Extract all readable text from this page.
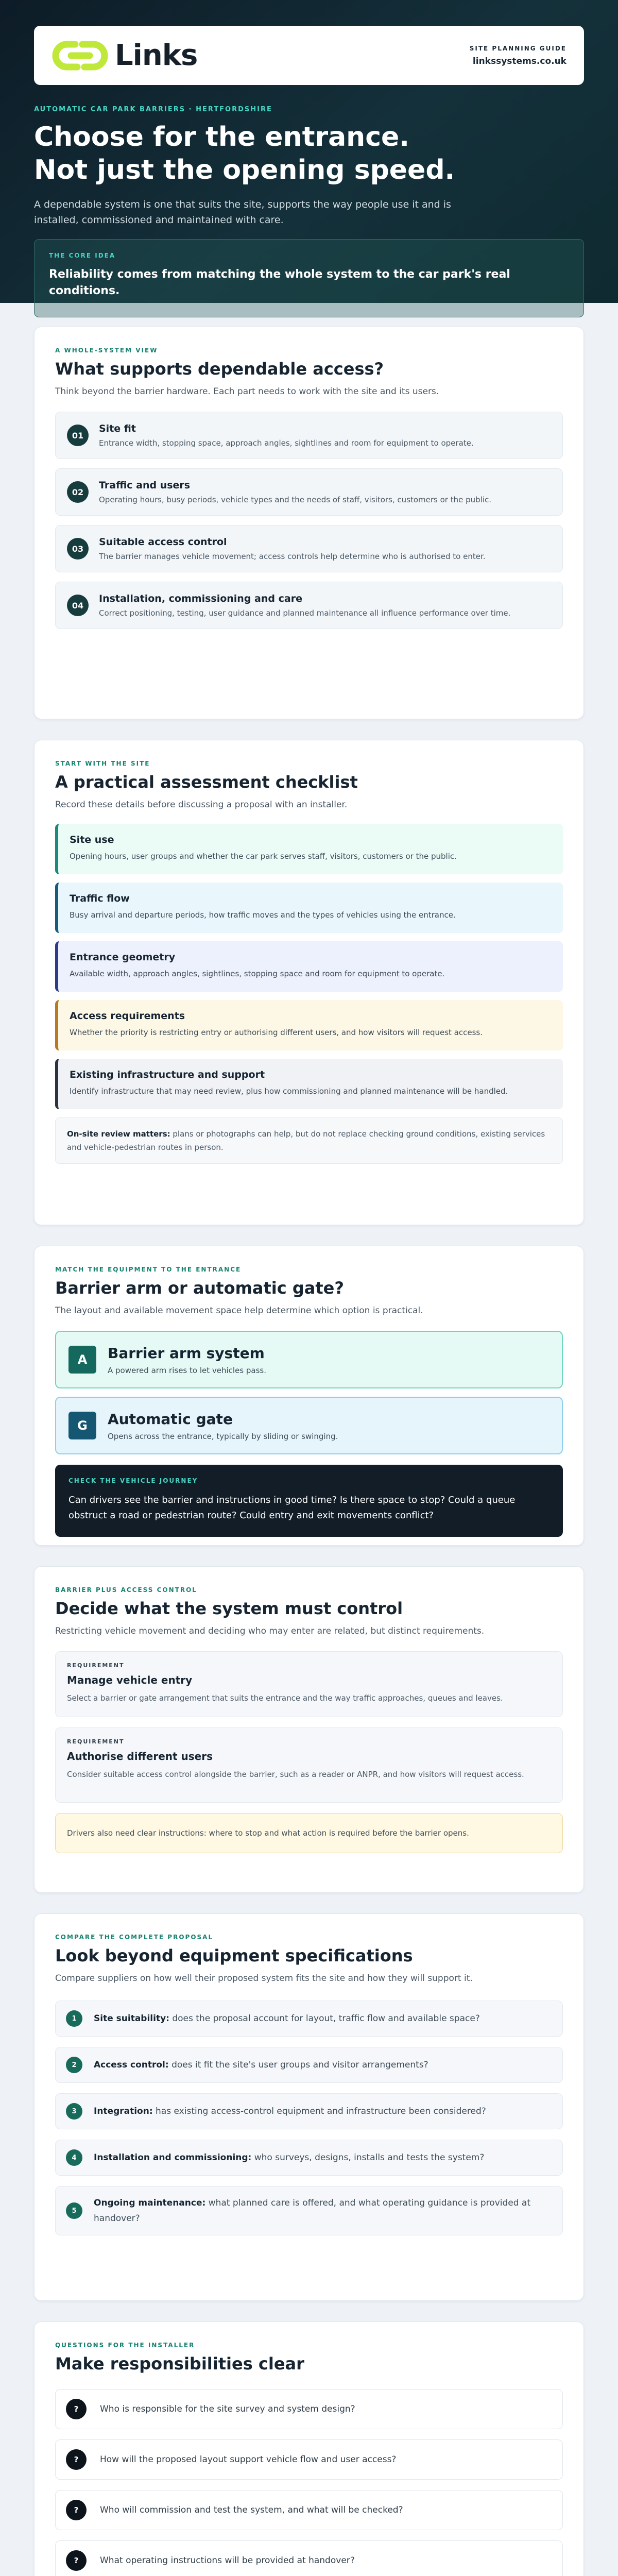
Links	SITE PLANNING GUIDE
linkssystems.co.uk
AUTOMATIC CAR PARK BARRIERS · HERTFORDSHIRE
Choose for the entrance.
Not just the opening speed.
A dependable system is one that suits the site, supports the way people use it and is installed, commissioned and maintained with care.
THE CORE IDEA
Reliability comes from matching the whole system to the car park's real conditions.
A WHOLE-SYSTEM VIEW
What supports dependable access?
Think beyond the barrier hardware. Each part needs to work with the site and its users.
01
Site fit
Entrance width, stopping space, approach angles, sightlines and room for equipment to operate.
02
Traffic and users
Operating hours, busy periods, vehicle types and the needs of staff, visitors, customers or the public.
03
Suitable access control
The barrier manages vehicle movement; access controls help determine who is authorised to enter.
04
Installation, commissioning and care
Correct positioning, testing, user guidance and planned maintenance all influence performance over time.
START WITH THE SITE
A practical assessment checklist
Record these details before discussing a proposal with an installer.
Site use
Opening hours, user groups and whether the car park serves staff, visitors, customers or the public.
Traffic flow
Busy arrival and departure periods, how traffic moves and the types of vehicles using the entrance.
Entrance geometry
Available width, approach angles, sightlines, stopping space and room for equipment to operate.
Access requirements
Whether the priority is restricting entry or authorising different users, and how visitors will request access.
Existing infrastructure and support
Identify infrastructure that may need review, plus how commissioning and planned maintenance will be handled.
On-site review matters: plans or photographs can help, but do not replace checking ground conditions, existing services and vehicle-pedestrian routes in person.
MATCH THE EQUIPMENT TO THE ENTRANCE
Barrier arm or automatic gate?
The layout and available movement space help determine which option is practical.
A	Barrier arm system
A powered arm rises to let vehicles pass.
G	Automatic gate
Opens across the entrance, typically by sliding or swinging.
CHECK THE VEHICLE JOURNEY
Can drivers see the barrier and instructions in good time? Is there space to stop? Could a queue obstruct a road or pedestrian route? Could entry and exit movements conflict?
BARRIER PLUS ACCESS CONTROL
Decide what the system must control
Restricting vehicle movement and deciding who may enter are related, but distinct requirements.
REQUIREMENT
Manage vehicle entry
Select a barrier or gate arrangement that suits the entrance and the way traffic approaches, queues and leaves.
REQUIREMENT
Authorise different users
Consider suitable access control alongside the barrier, such as a reader or ANPR, and how visitors will request access.
Drivers also need clear instructions: where to stop and what action is required before the barrier opens.
COMPARE THE COMPLETE PROPOSAL
Look beyond equipment specifications
Compare suppliers on how well their proposed system fits the site and how they will support it.
1	Site suitability: does the proposal account for layout, traffic flow and available space?
2	Access control: does it fit the site's user groups and visitor arrangements?
3	Integration: has existing access-control equipment and infrastructure been considered?
4	Installation and commissioning: who surveys, designs, installs and tests the system?
5
Ongoing maintenance: what planned care is offered, and what operating guidance is provided at handover?
QUESTIONS FOR THE INSTALLER
Make responsibilities clear
?	Who is responsible for the site survey and system design?
?	How will the proposed layout support vehicle flow and user access?
?	Who will commission and test the system, and what will be checked?
?	What operating instructions will be provided at handover?
